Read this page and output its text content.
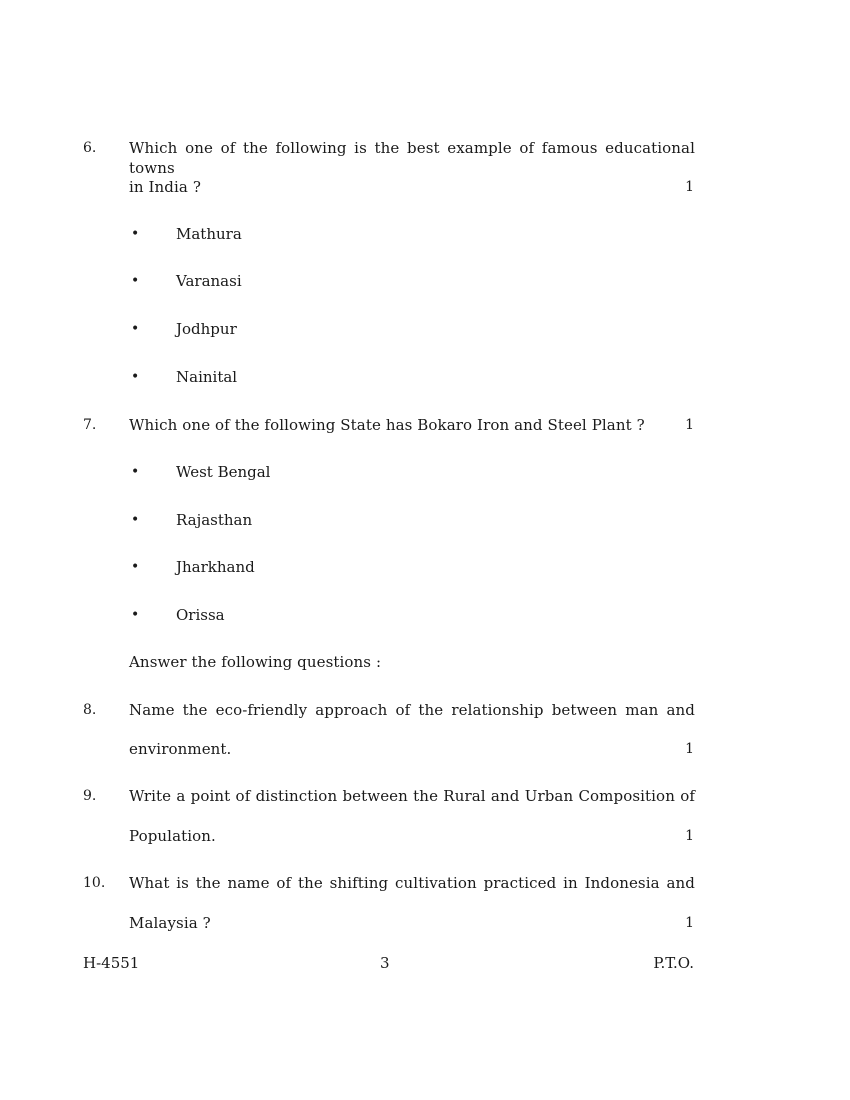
6. Which one of the following is the best example of famous educational towns
in India ?	1
• Mathura
• Varanasi
• Jodhpur
• Nainital
7. Which one of the following State has Bokaro Iron and Steel Plant ?	1
• West Bengal
• Rajasthan
• Jharkhand
• Orissa
Answer the following questions :
8. Name the eco-friendly approach of the relationship between man and
environment.	1
9. Write a point of distinction between the Rural and Urban Composition of
Population.	1
10. What is the name of the shifting cultivation practiced in Indonesia and
Malaysia ?	1
H-4551	3	P.T.O.
